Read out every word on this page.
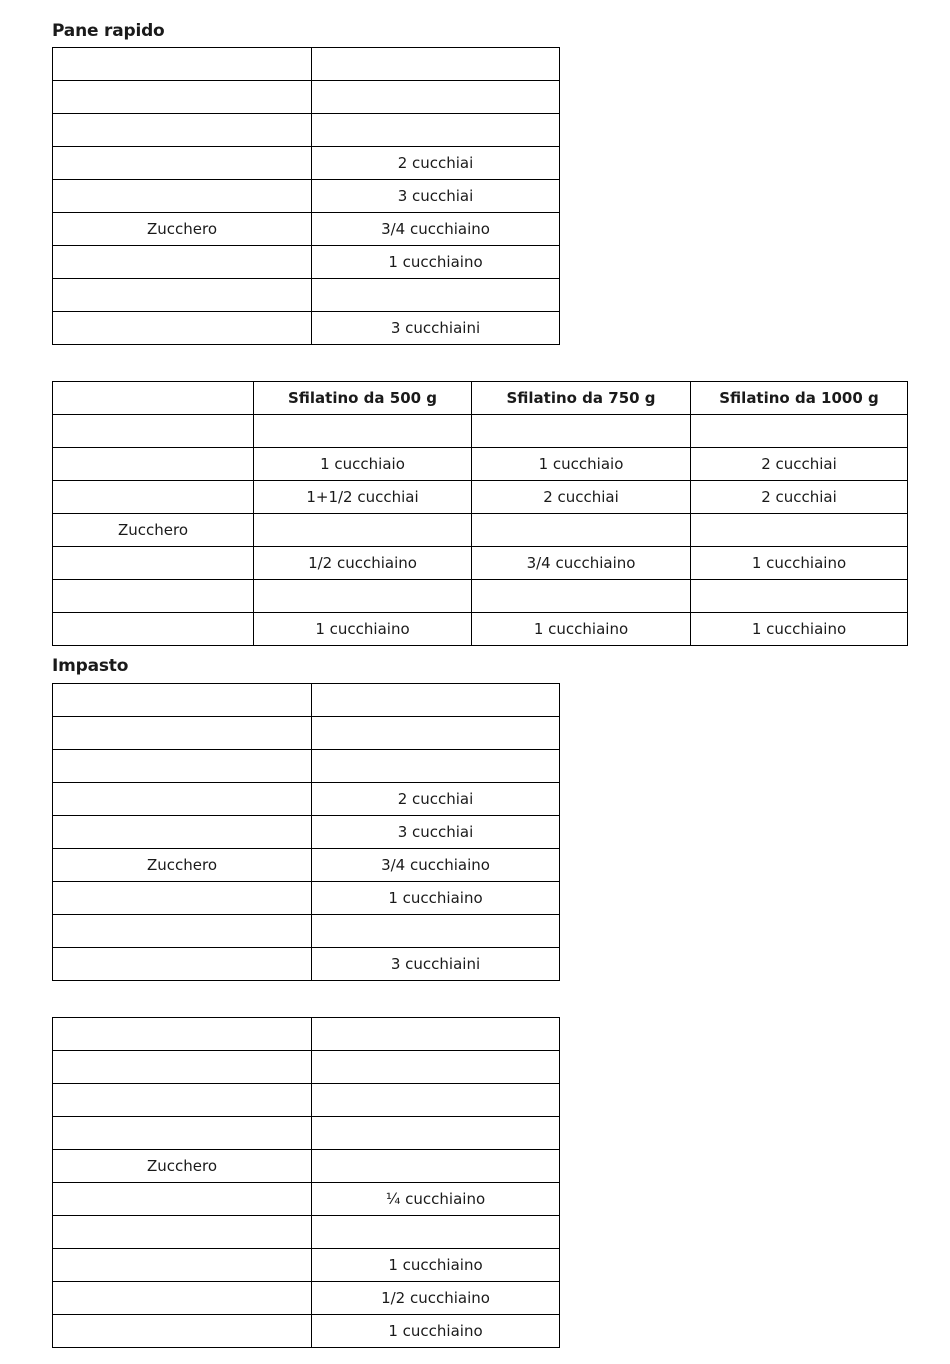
Pane rapido

	2 cucchiai
	3 cucchiai
Zucchero	3/4 cucchiaino
	1 cucchiaino

	3 cucchiaini
	Sfilatino da 500 g	Sfilatino da 750 g	Sfilatino da 1000 g

	1 cucchiaio	1 cucchiaio	2 cucchiai
	1+1/2 cucchiai	2 cucchiai	2 cucchiai
Zucchero			
	1/2 cucchiaino	3/4 cucchiaino	1 cucchiaino

	1 cucchiaino	1 cucchiaino	1 cucchiaino
Impasto

	2 cucchiai
	3 cucchiai
Zucchero	3/4 cucchiaino
	1 cucchiaino

	3 cucchiaini

Zucchero	
	¼ cucchiaino

	1 cucchiaino
	1/2 cucchiaino
	1 cucchiaino
